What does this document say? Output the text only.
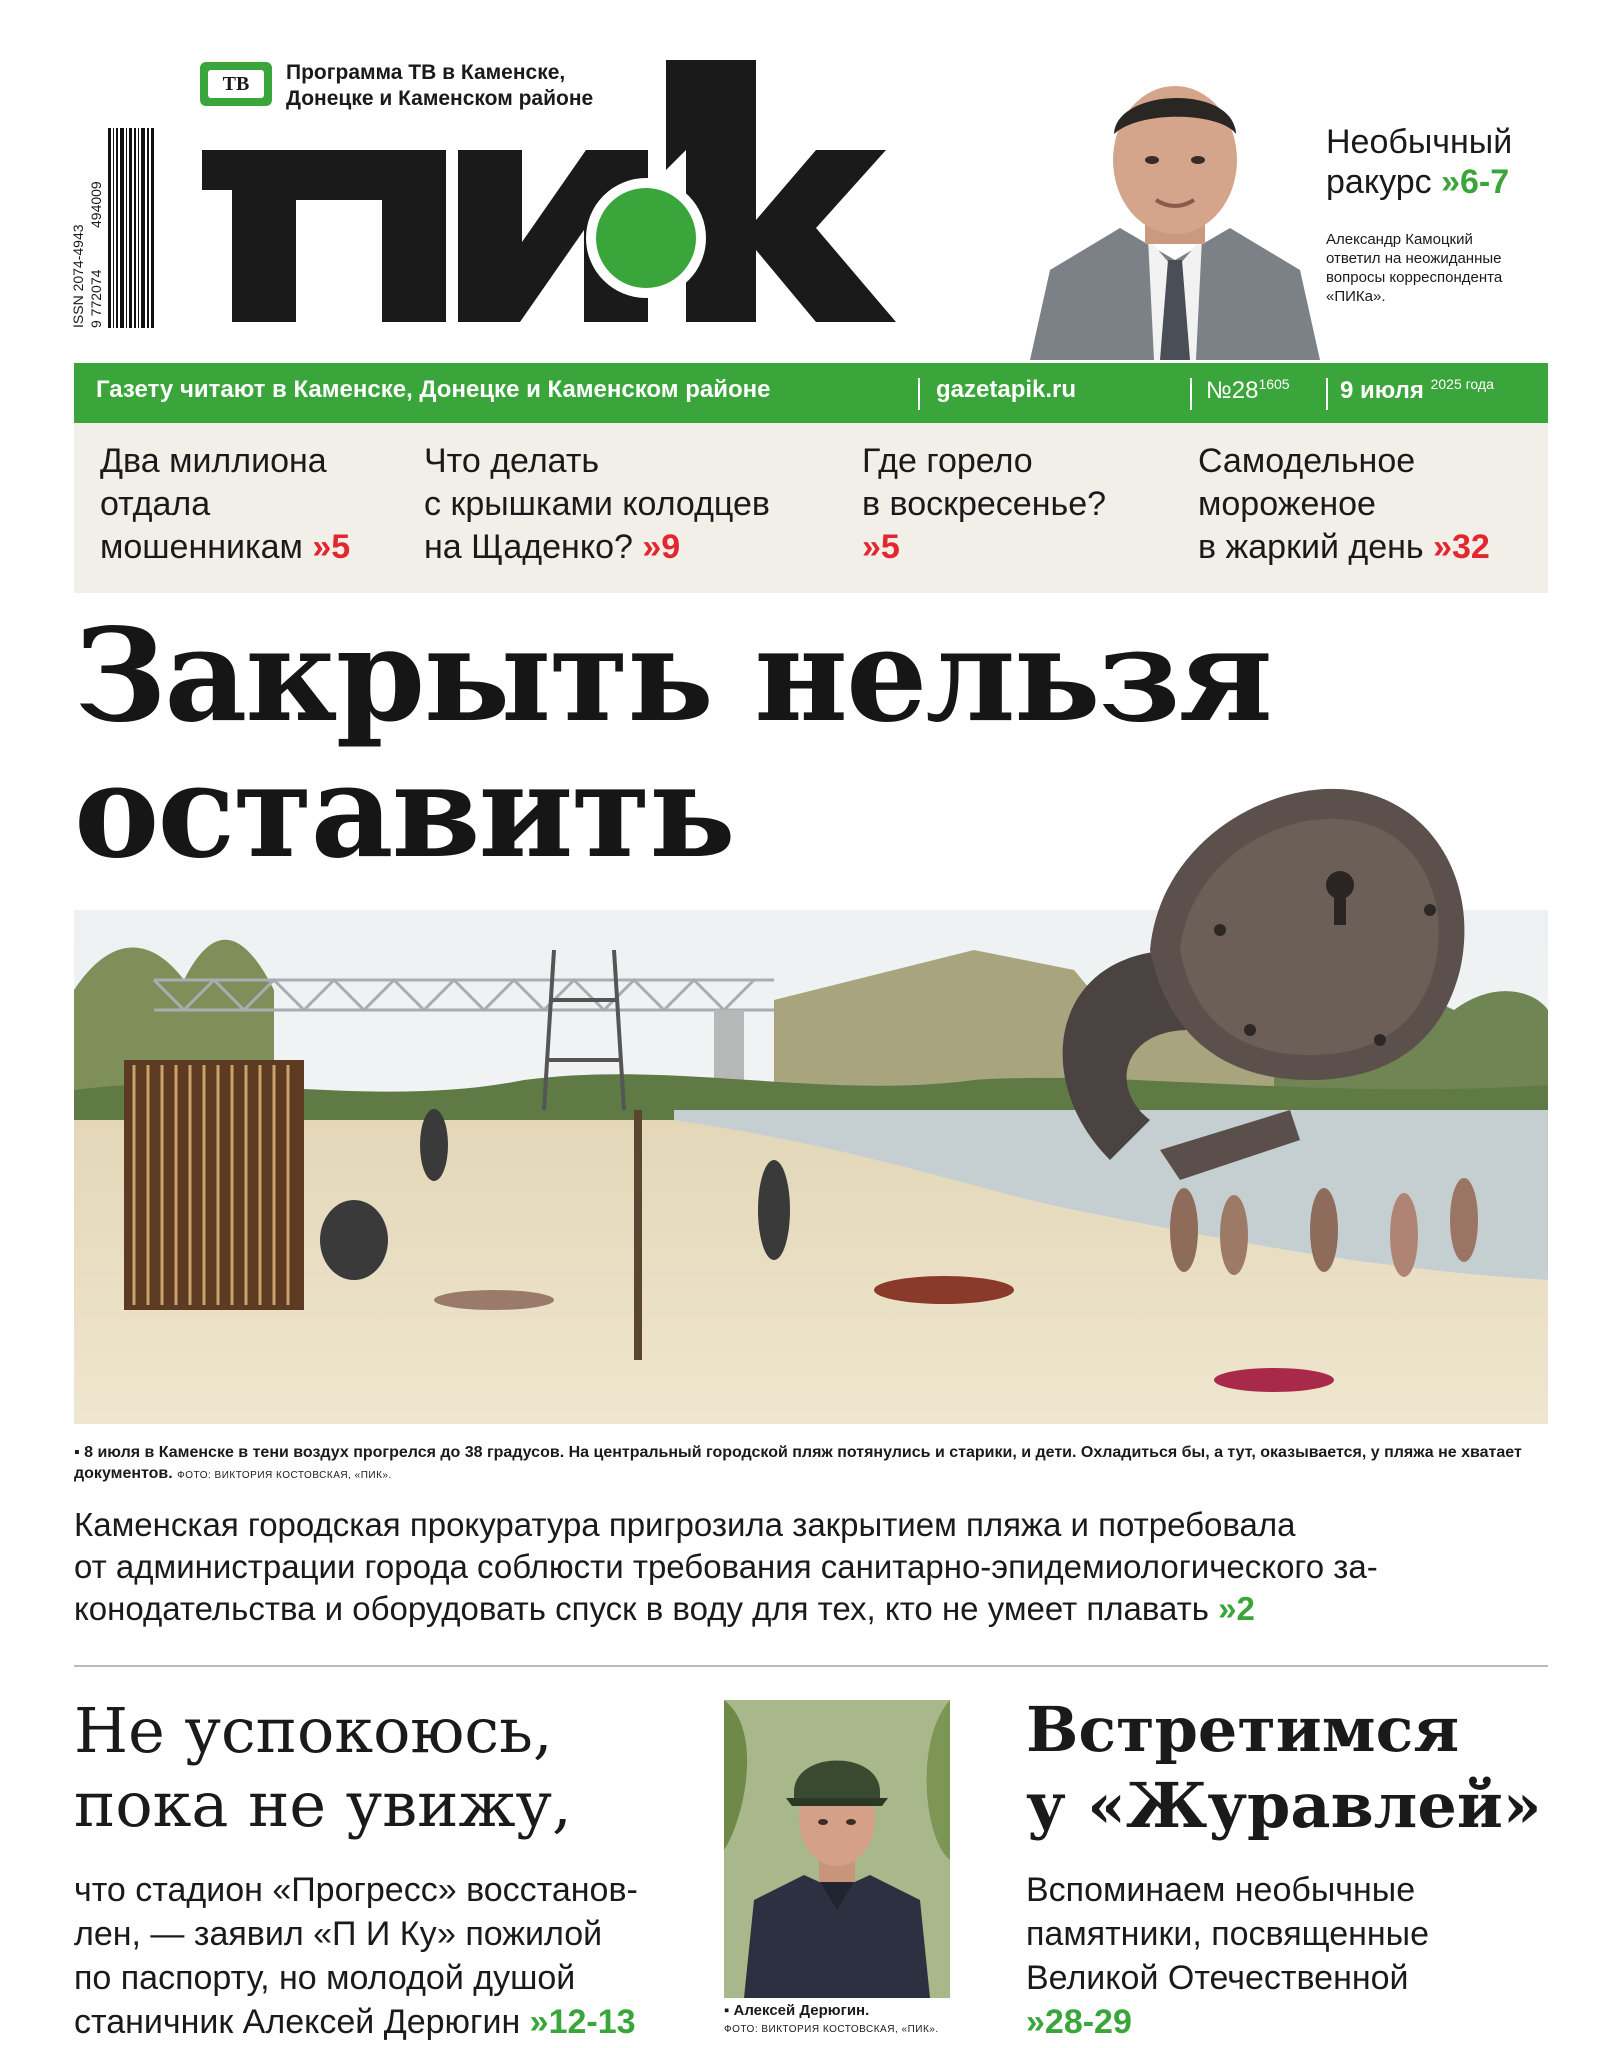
ISSN 2074-4943 9 772074
494009
ТВ	Программа ТВ в Каменске,
Донецке и Каменском районе
Необычный
ракурс »6-7
Александр Камоцкий
ответил на неожиданные
вопросы корреспондента
«ПИКа».
Газету читают в Каменске, Донецке и Каменском районе	gazetapik.ru	$№28^{1605}$ 9 июля $^{2025 года}$
Два миллиона
отдала
мошенникам »5
Что делать
с крышками колодцев
на Щаденко? »9
Где горело
в воскресенье?
»5
Самодельное
мороженое
в жаркий день »32
Закрыть нельзя
оставить
▪ 8 июля в Каменске в тени воздух прогрелся до 38 градусов. На центральный городской пляж потянулись и старики, и дети. Охладиться бы, а тут, оказывается, у пляжа не хватает документов. ФОТО: ВИКТОРИЯ КОСТОВСКАЯ, «ПИК».
Каменская городская прокуратура пригрозила закрытием пляжа и потребовала
от администрации города соблюсти требования санитарно-эпидемиологического за-
конодательства и оборудовать спуск в воду для тех, кто не умеет плавать »2
Не успокоюсь,
пока не увижу,
что стадион «Прогресс» восстанов-
лен, — заявил «П И Ку» пожилой
по паспорту, но молодой душой
станичник Алексей Дерюгин »12-13	▪ Алексей Дерюгин.
ФОТО: ВИКТОРИЯ КОСТОВСКАЯ, «ПИК».
Встретимся
у «Журавлей»
Вспоминаем необычные
памятники, посвященные
Великой Отечественной
»28-29
